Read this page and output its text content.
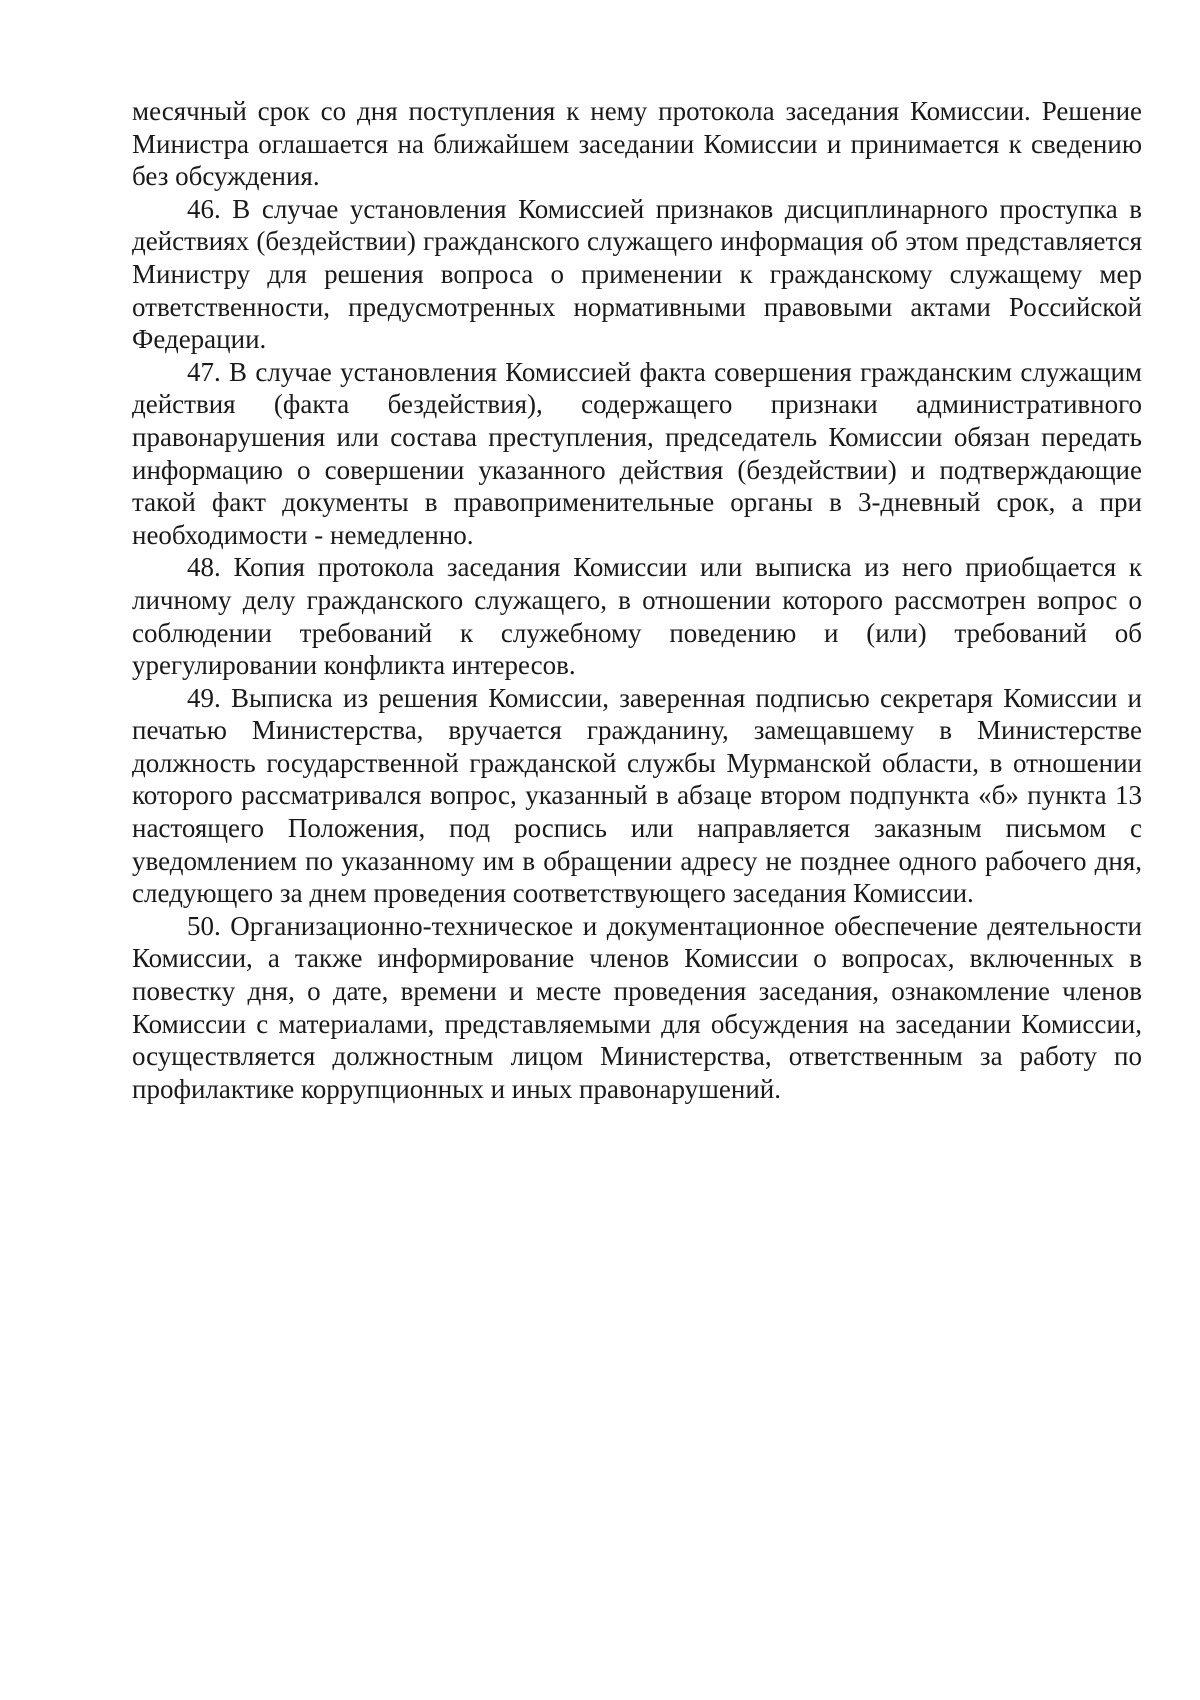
месячный срок со дня поступления к нему протокола заседания Комиссии. Решение Министра оглашается на ближайшем заседании Комиссии и принимается к сведению без обсуждения.

46. В случае установления Комиссией признаков дисциплинарного проступка в действиях (бездействии) гражданского служащего информация об этом представляется Министру для решения вопроса о применении к гражданскому служащему мер ответственности, предусмотренных нормативными правовыми актами Российской Федерации.

47. В случае установления Комиссией факта совершения гражданским служащим действия (факта бездействия), содержащего признаки административного правонарушения или состава преступления, председатель Комиссии обязан передать информацию о совершении указанного действия (бездействии) и подтверждающие такой факт документы в правоприменительные органы в 3-дневный срок, а при необходимости - немедленно.

48. Копия протокола заседания Комиссии или выписка из него приобщается к личному делу гражданского служащего, в отношении которого рассмотрен вопрос о соблюдении требований к служебному поведению и (или) требований об урегулировании конфликта интересов.

49. Выписка из решения Комиссии, заверенная подписью секретаря Комиссии и печатью Министерства, вручается гражданину, замещавшему в Министерстве должность государственной гражданской службы Мурманской области, в отношении которого рассматривался вопрос, указанный в абзаце втором подпункта «б» пункта 13 настоящего Положения, под роспись или направляется заказным письмом с уведомлением по указанному им в обращении адресу не позднее одного рабочего дня, следующего за днем проведения соответствующего заседания Комиссии.

50. Организационно-техническое и документационное обеспечение деятельности Комиссии, а также информирование членов Комиссии о вопросах, включенных в повестку дня, о дате, времени и месте проведения заседания, ознакомление членов Комиссии с материалами, представляемыми для обсуждения на заседании Комиссии, осуществляется должностным лицом Министерства, ответственным за работу по профилактике коррупционных и иных правонарушений.
